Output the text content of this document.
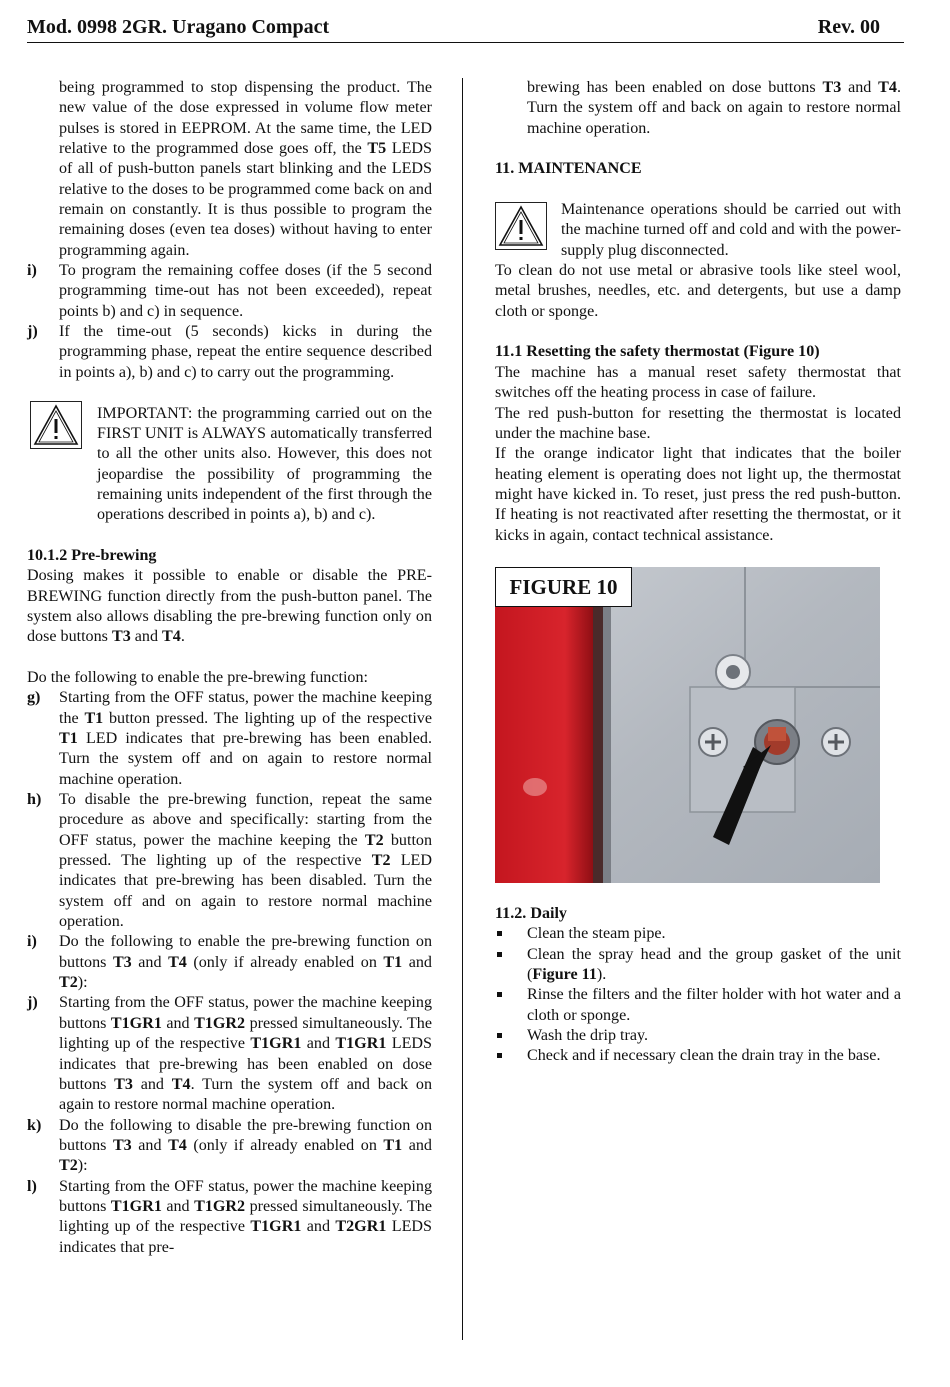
Mod. 0998 2GR. Uragano Compact	Rev. 00

being programmed to stop dispensing the product. The new value of the dose expressed in volume flow meter pulses is stored in EEPROM. At the same time, the LED relative to the programmed dose goes off, the T5 LEDS of all of push-button panels start blinking and the LEDS relative to the doses to be programmed come back on and remain on constantly. It is thus possible to program the remaining doses (even tea doses) without having to enter programming again.

i) To program the remaining coffee doses (if the 5 second programming time-out has not been exceeded), repeat points b) and c) in sequence.
j) If the time-out (5 seconds) kicks in during the programming phase, repeat the entire sequence described in points a), b) and c) to carry out the programming.

IMPORTANT: the programming carried out on the FIRST UNIT is ALWAYS automatically transferred to all the other units also. However, this does not jeopardise the possibility of programming the remaining units independent of the first through the operations described in points a), b) and c).

10.1.2 Pre-brewing

Dosing makes it possible to enable or disable the PRE-BREWING function directly from the push-button panel. The system also allows disabling the pre-brewing function only on dose buttons T3 and T4.

Do the following to enable the pre-brewing function:

g) Starting from the OFF status, power the machine keeping the T1 button pressed. The lighting up of the respective T1 LED indicates that pre-brewing has been enabled. Turn the system off and on again to restore normal machine operation.
h) To disable the pre-brewing function, repeat the same procedure as above and specifically: starting from the OFF status, power the machine keeping the T2 button pressed. The lighting up of the respective T2 LED indicates that pre-brewing has been disabled. Turn the system off and on again to restore normal machine operation.
i) Do the following to enable the pre-brewing function on buttons T3 and T4 (only if already enabled on T1 and T2):
j) Starting from the OFF status, power the machine keeping buttons T1GR1 and T1GR2 pressed simultaneously. The lighting up of the respective T1GR1 and T1GR1 LEDS indicates that pre-brewing has been enabled on dose buttons T3 and T4. Turn the system off and back on again to restore normal machine operation.
k) Do the following to disable the pre-brewing function on buttons T3 and T4 (only if already enabled on T1 and T2):
l) Starting from the OFF status, power the machine keeping buttons T1GR1 and T1GR2 pressed simultaneously. The lighting up of the respective T1GR1 and T2GR1 LEDS indicates that pre-

brewing has been enabled on dose buttons T3 and T4. Turn the system off and back on again to restore normal machine operation.

11. MAINTENANCE

Maintenance operations should be carried out with the machine turned off and cold and with the power-supply plug disconnected.

To clean do not use metal or abrasive tools like steel wool, metal brushes, needles, etc. and detergents, but use a damp cloth or sponge.

11.1 Resetting the safety thermostat (Figure 10)

The machine has a manual reset safety thermostat that switches off the heating process in case of failure.

The red push-button for resetting the thermostat is located under the machine base.

If the orange indicator light that indicates that the boiler heating element is operating does not light up, the thermostat might have kicked in. To reset, just press the red push-button. If heating is not reactivated after resetting the thermostat, or it kicks in again, contact technical assistance.

FIGURE 10

11.2. Daily

Clean the steam pipe.
Clean the spray head and the group gasket of the unit (Figure 11).
Rinse the filters and the filter holder with hot water and a cloth or sponge.
Wash the drip tray.
Check and if necessary clean the drain tray in the base.
